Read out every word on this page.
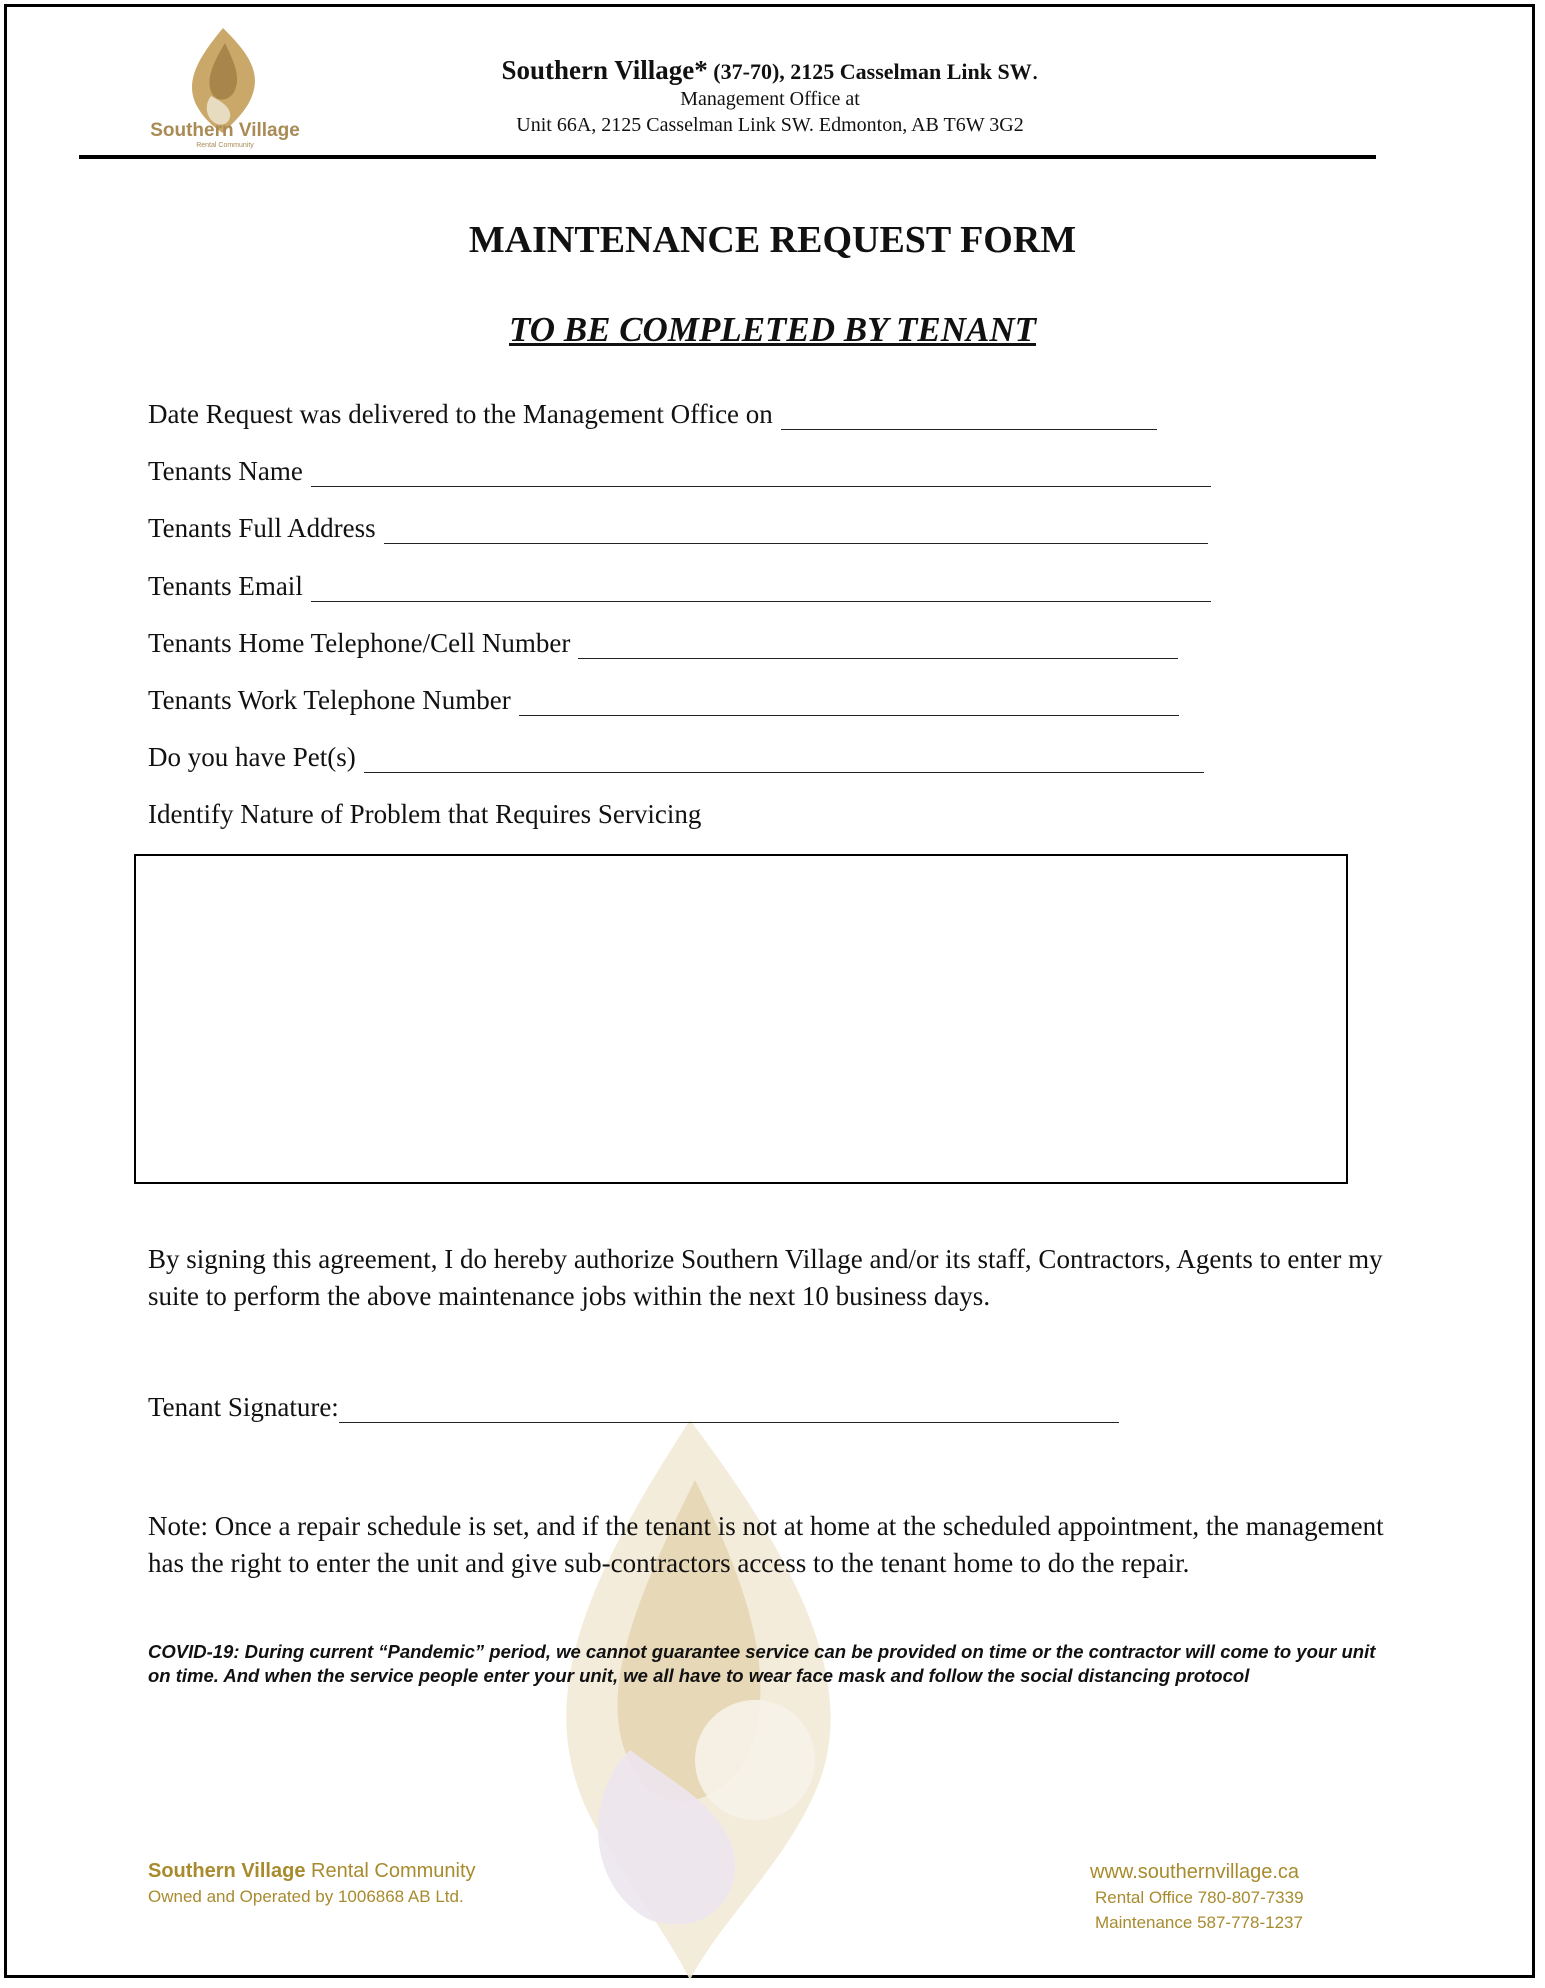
Southern Village
Rental Community
Southern Village* (37-70), 2125 Casselman Link SW.
Management Office at
Unit 66A, 2125 Casselman Link SW. Edmonton, AB T6W 3G2
MAINTENANCE REQUEST FORM
TO BE COMPLETED BY TENANT
Date Request was delivered to the Management Office on
Tenants Name
Tenants Full Address
Tenants Email
Tenants Home Telephone/Cell Number
Tenants Work Telephone Number
Do you have Pet(s)
Identify Nature of Problem that Requires Servicing
By signing this agreement, I do hereby authorize Southern Village and/or its staff, Contractors, Agents to enter my suite to perform the above maintenance jobs within the next 10 business days.
Tenant Signature:
Note: Once a repair schedule is set, and if the tenant is not at home at the scheduled appointment, the management has the right to enter the unit and give sub-contractors access to the tenant home to do the repair.
COVID-19: During current “Pandemic” period, we cannot guarantee service can be provided on time or the contractor will come to your unit on time. And when the service people enter your unit, we all have to wear face mask and follow the social distancing protocol
Southern Village Rental Community
Owned and Operated by 1006868 AB Ltd.
www.southernvillage.ca
Rental Office 780-807-7339
Maintenance 587-778-1237
